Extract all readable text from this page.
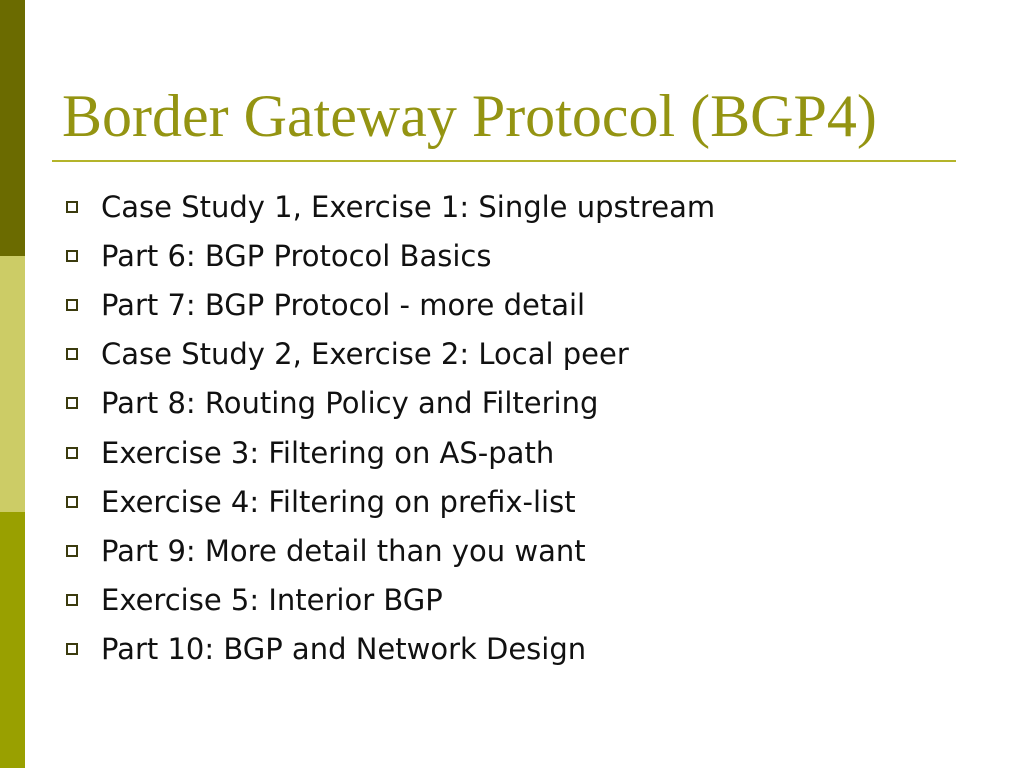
Border Gateway Protocol (BGP4)
Case Study 1, Exercise 1: Single upstream
Part 6: BGP Protocol Basics
Part 7: BGP Protocol - more detail
Case Study 2, Exercise 2: Local peer
Part 8: Routing Policy and Filtering
Exercise 3: Filtering on AS-path
Exercise 4: Filtering on prefix-list
Part 9: More detail than you want
Exercise 5: Interior BGP
Part 10: BGP and Network Design
